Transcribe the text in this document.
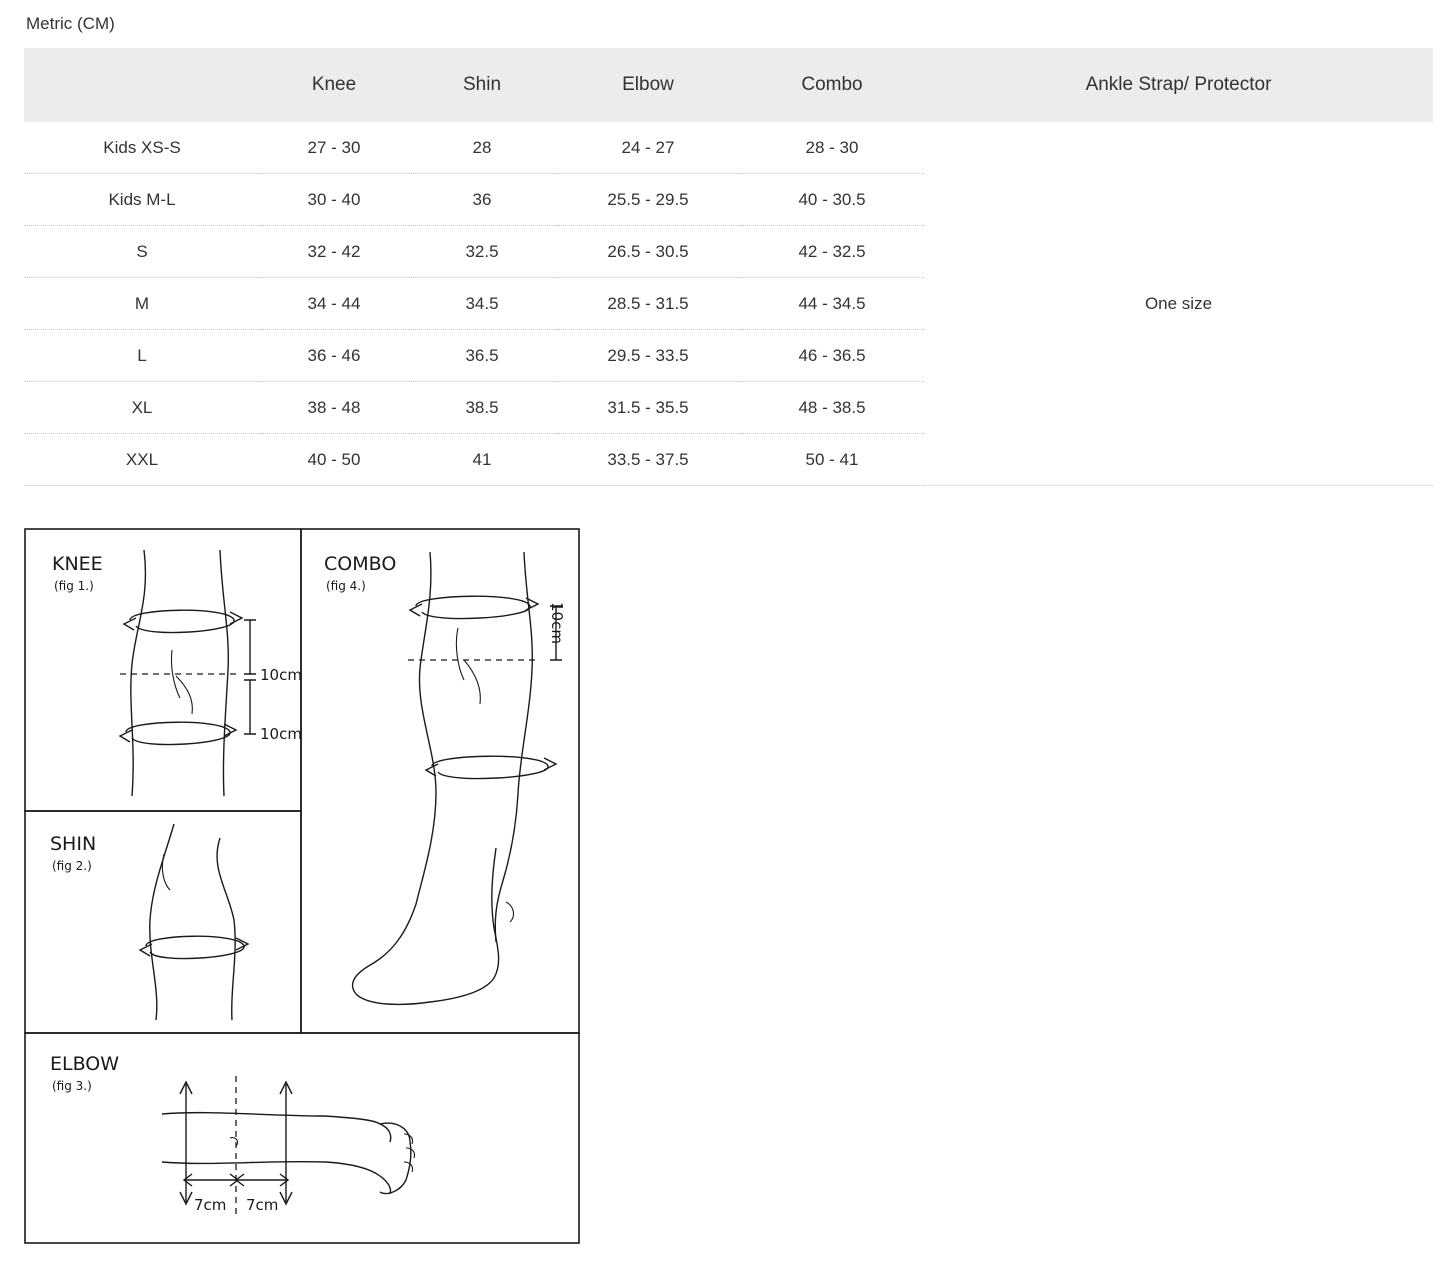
Metric (CM)
	Knee	Shin	Elbow	Combo	Ankle Strap/ Protector
Kids XS-S	27 - 30	28	24 - 27	28 - 30	One size
Kids M-L	30 - 40	36	25.5 - 29.5	40 - 30.5	
S	32 - 42	32.5	26.5 - 30.5	42 - 32.5	
M	34 - 44	34.5	28.5 - 31.5	44 - 34.5	
L	36 - 46	36.5	29.5 - 33.5	46 - 36.5	
XL	38 - 48	38.5	31.5 - 35.5	48 - 38.5	
XXL	40 - 50	41	33.5 - 37.5	50 - 41	
KNEE
(fig 1.)
10cm
10cm
SHIN
(fig 2.)
ELBOW
(fig 3.)
7cm 7cm
COMBO
(fig 4.)
10cm
